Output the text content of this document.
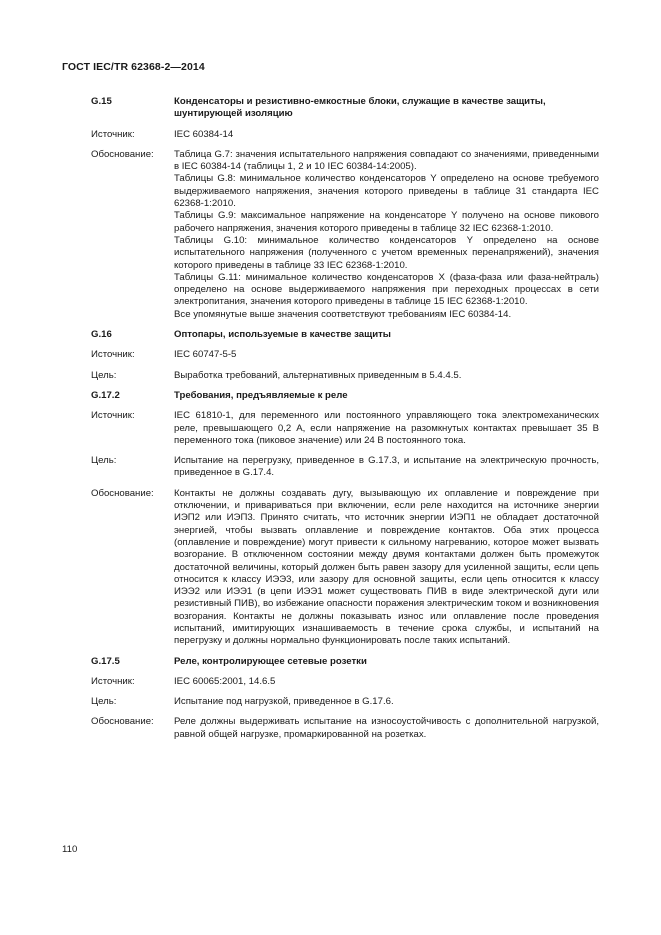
ГОСТ IEC/TR 62368-2—2014
G.15	Конденсаторы и резистивно-емкостные блоки, служащие в качестве защиты, шунтирующей изоляцию
Источник:	IEC 60384-14
Обоснование:	Таблица G.7: значения испытательного напряжения совпадают со значениями, приведенными в IEC 60384-14 (таблицы 1, 2 и 10 IEC 60384-14:2005).

Таблицы G.8: минимальное количество конденсаторов Y определено на основе требуемого выдерживаемого напряжения, значения которого приведены в таблице 31 стандарта IEC 62368-1:2010.

Таблицы G.9: максимальное напряжение на конденсаторе Y получено на основе пикового рабочего напряжения, значения которого приведены в таблице 32 IEC 62368-1:2010.

Таблицы G.10: минимальное количество конденсаторов Y определено на основе испытательного напряжения (полученного с учетом временных перенапряжений), значения которого приведены в таблице 33 IEC 62368-1:2010.

Таблицы G.11: минимальное количество конденсаторов X (фаза-фаза или фаза-нейтраль) определено на основе выдерживаемого напряжения при переходных процессах в сети электропитания, значения которого приведены в таблице 15 IEC 62368-1:2010.

Все упомянутые выше значения соответствуют требованиям IEC 60384-14.

G.16	Оптопары, используемые в качестве защиты
Источник:	IEC 60747-5-5
Цель:	Выработка требований, альтернативных приведенным в 5.4.4.5.
G.17.2	Требования, предъявляемые к реле
Источник:	IEC 61810-1, для переменного или постоянного управляющего тока электромеханических реле, превышающего 0,2 А, если напряжение на разомкнутых контактах превышает 35 В переменного тока (пиковое значение) или 24 В постоянного тока.
Цель:	Испытание на перегрузку, приведенное в G.17.3, и испытание на электрическую прочность, приведенное в G.17.4.
Обоснование:	Контакты не должны создавать дугу, вызывающую их оплавление и повреждение при отключении, и привариваться при включении, если реле находится на источнике энергии ИЭП2 или ИЭП3. Принято считать, что источник энергии ИЭП1 не обладает достаточной энергией, чтобы вызвать оплавление и повреждение контактов. Оба этих процесса (оплавление и повреждение) могут привести к сильному нагреванию, которое может вызвать возгорание. В отключенном состоянии между двумя контактами должен быть промежуток достаточной величины, который должен быть равен зазору для усиленной защиты, если цепь относится к классу ИЭЭ3, или зазору для основной защиты, если цепь относится к классу ИЭЭ2 или ИЭЭ1 (в цепи ИЭЭ1 может существовать ПИВ в виде электрической дуги или резистивный ПИВ), во избежание опасности поражения электрическим током и возникновения возгорания. Контакты не должны показывать износ или оплавление после проведения испытаний, имитирующих изнашиваемость в течение срока службы, и испытаний на перегрузку и должны нормально функционировать после таких испытаний.
G.17.5	Реле, контролирующее сетевые розетки
Источник:	IEC 60065:2001, 14.6.5
Цель:	Испытание под нагрузкой, приведенное в G.17.6.
Обоснование:	Реле должны выдерживать испытание на износоустойчивость с дополнительной нагрузкой, равной общей нагрузке, промаркированной на розетках.
110
